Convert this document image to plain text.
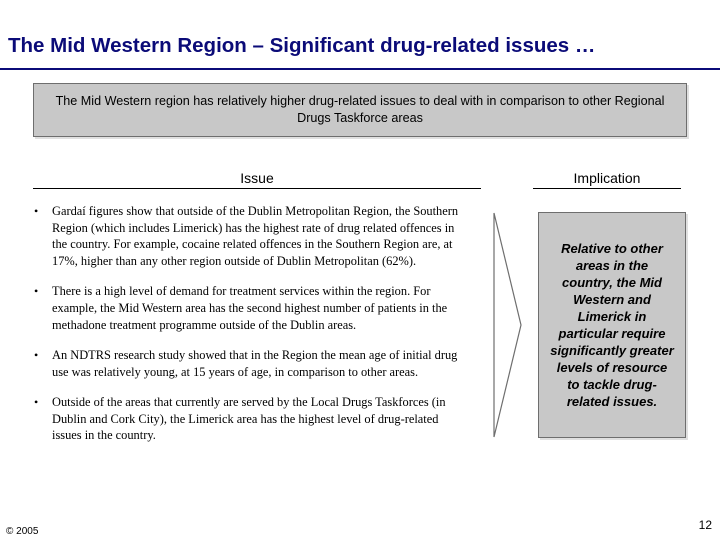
The Mid Western Region – Significant drug-related issues …
The Mid Western region has relatively higher drug-related issues to deal with in comparison to other Regional Drugs Taskforce areas
Issue	Implication
• Gardaí figures show that outside of the Dublin Metropolitan Region, the Southern Region (which includes Limerick) has the highest rate of drug related offences in the country. For example, cocaine related offences in the Southern Region are, at 17%, higher than any other region outside of Dublin Metropolitan (62%).
• There is a high level of demand for treatment services within the region. For example, the Mid Western area has the second highest number of patients in the methadone treatment programme outside of the Dublin areas.
• An NDTRS research study showed that in the Region the mean age of initial drug use was relatively young, at 15 years of age, in comparison to other areas.
• Outside of the areas that currently are served by the Local Drugs Taskforces (in Dublin and Cork City), the Limerick area has the highest level of drug-related issues in the country.
Relative to other areas in the country, the Mid Western and Limerick in particular require significantly greater levels of resource to tackle drug-related issues.
© 2005	12
